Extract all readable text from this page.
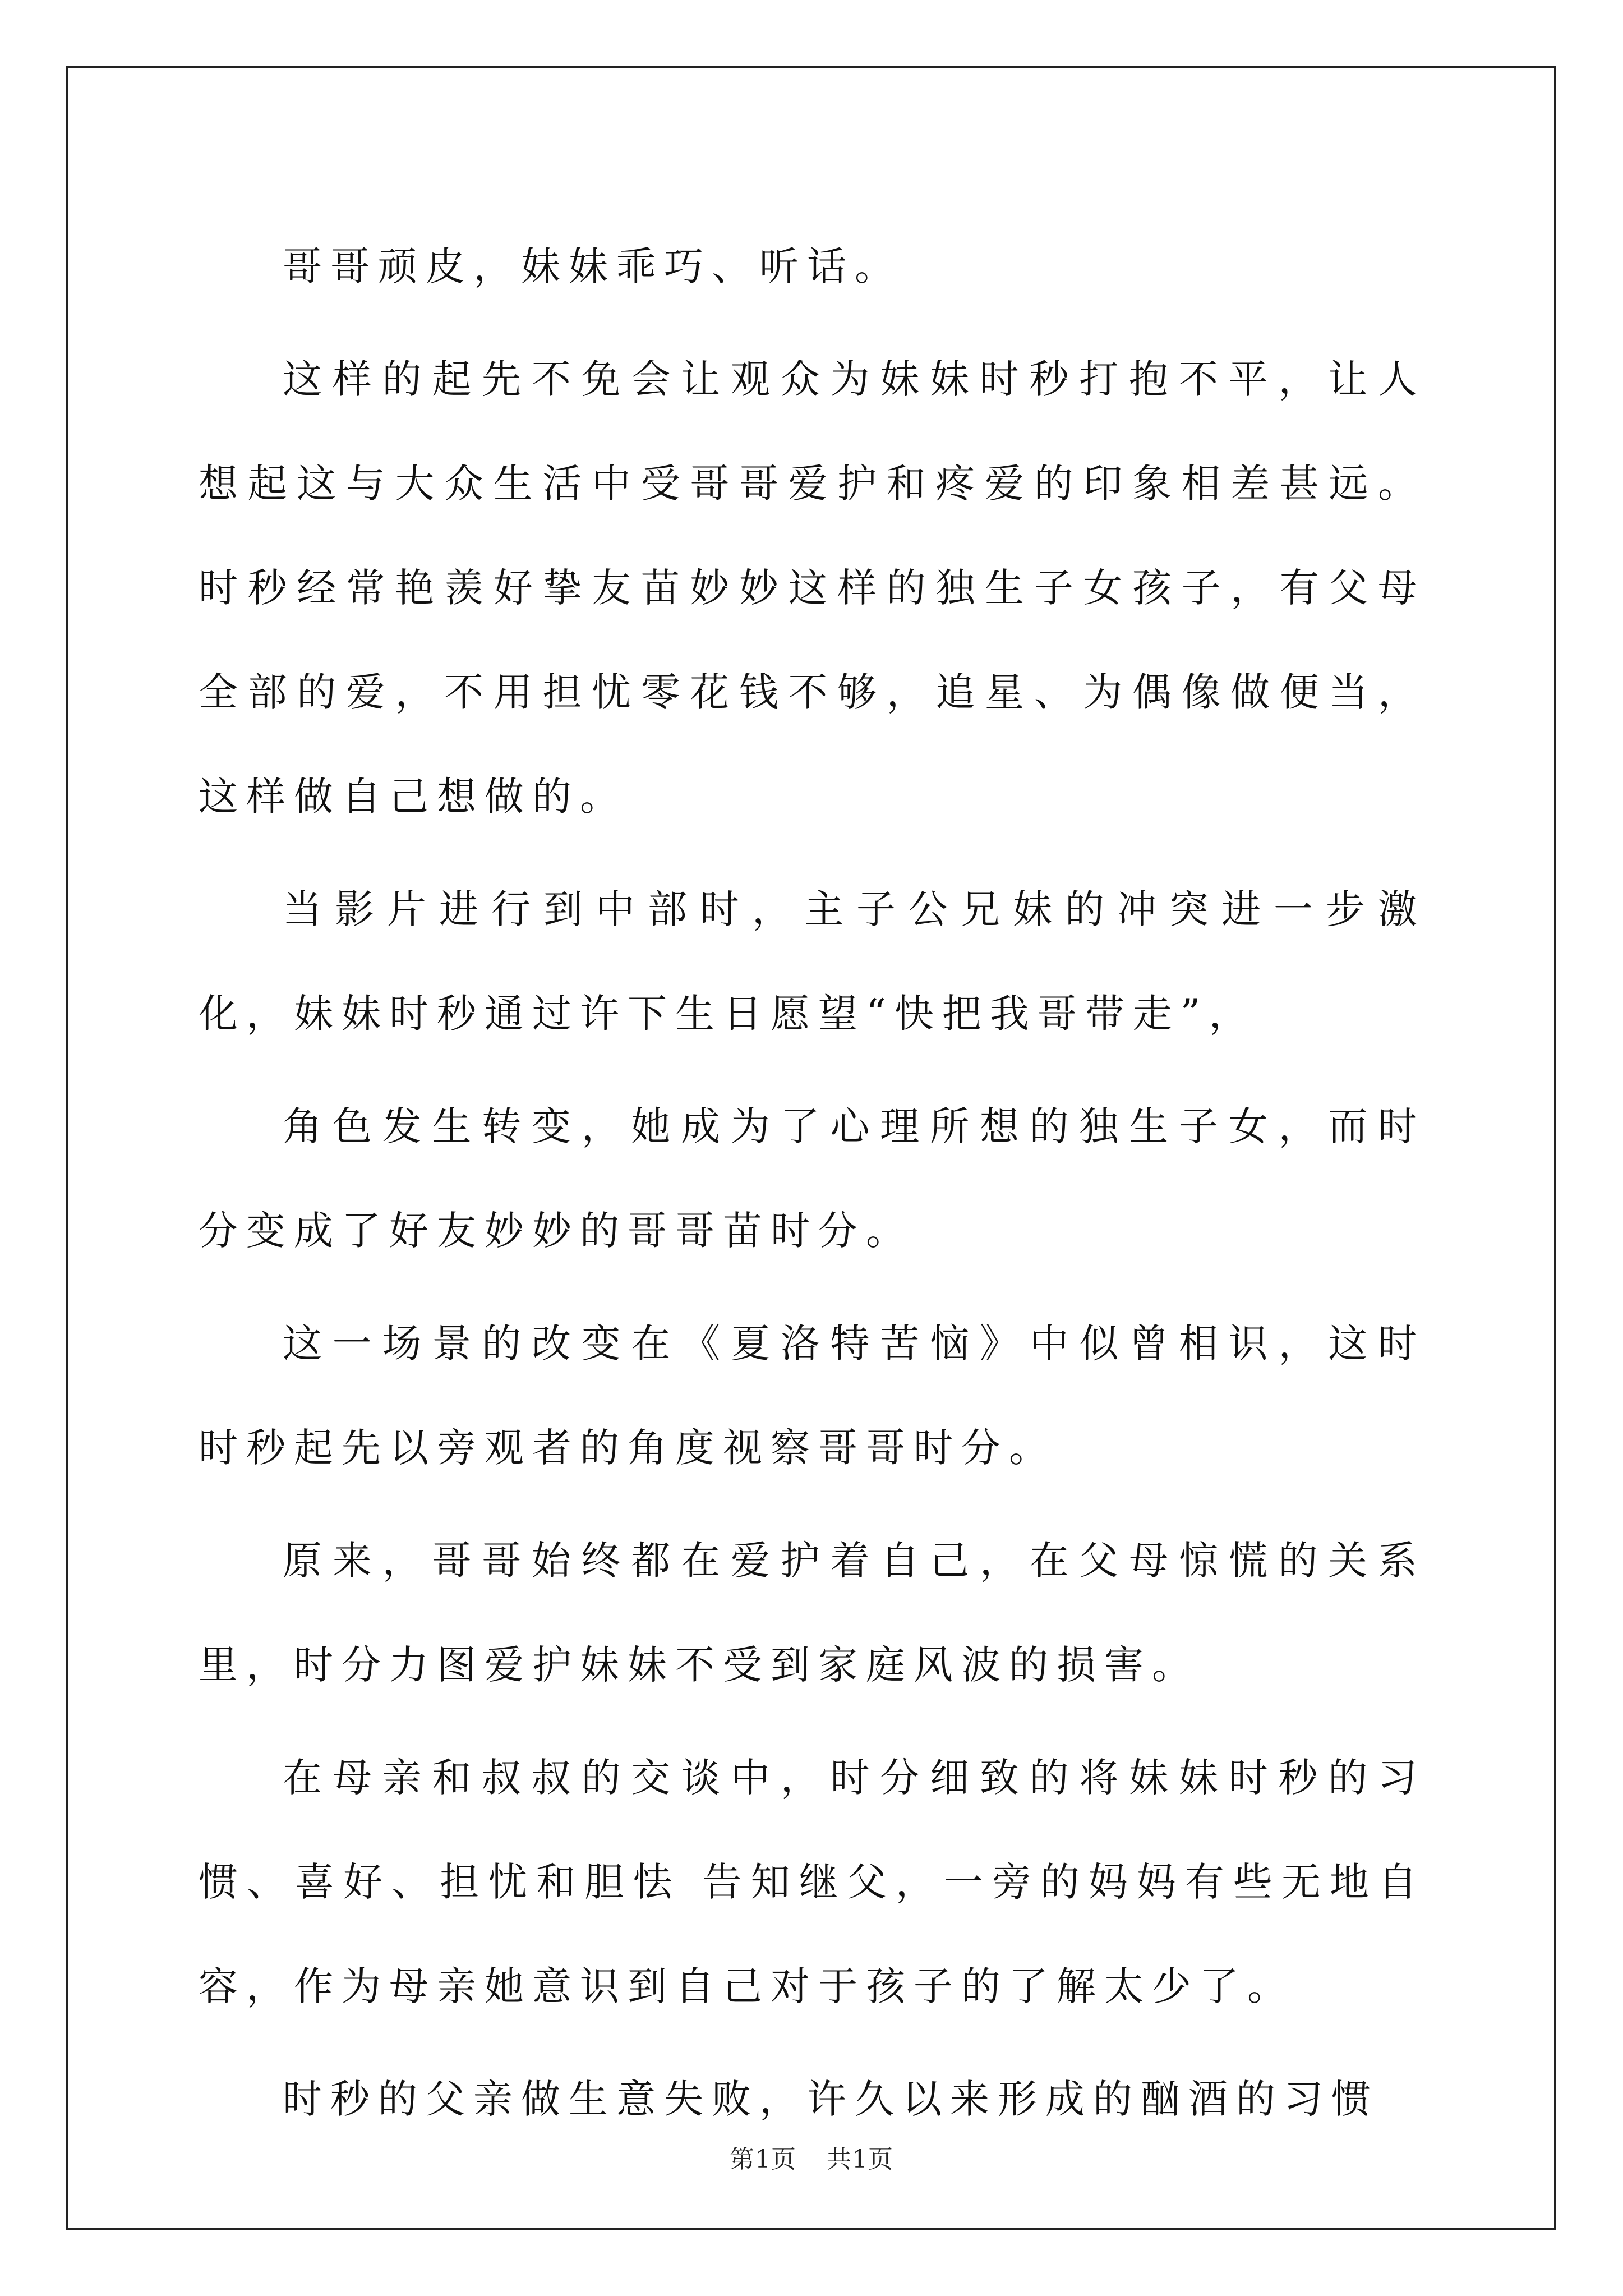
哥哥顽皮，妹妹乖巧、听话。

这样的起先不免会让观众为妹妹时秒打抱不平，让人想起这与大众生活中受哥哥爱护和疼爱的印象相差甚远。时秒经常艳羡好挚友苗妙妙这样的独生子女孩子，有父母全部的爱，不用担忧零花钱不够，追星、为偶像做便当，这样做自己想做的。

当影片进行到中部时，主子公兄妹的冲突进一步激化，妹妹时秒通过许下生日愿望“快把我哥带走”，

角色发生转变，她成为了心理所想的独生子女，而时分变成了好友妙妙的哥哥苗时分。

这一场景的改变在《夏洛特苦恼》中似曾相识，这时时秒起先以旁观者的角度视察哥哥时分。

原来，哥哥始终都在爱护着自己，在父母惊慌的关系里，时分力图爱护妹妹不受到家庭风波的损害。

在母亲和叔叔的交谈中，时分细致的将妹妹时秒的习惯、喜好、担忧和胆怯 告知继父，一旁的妈妈有些无地自容，作为母亲她意识到自己对于孩子的了解太少了。

时秒的父亲做生意失败，许久以来形成的酗酒的习惯

第1页 共1页
